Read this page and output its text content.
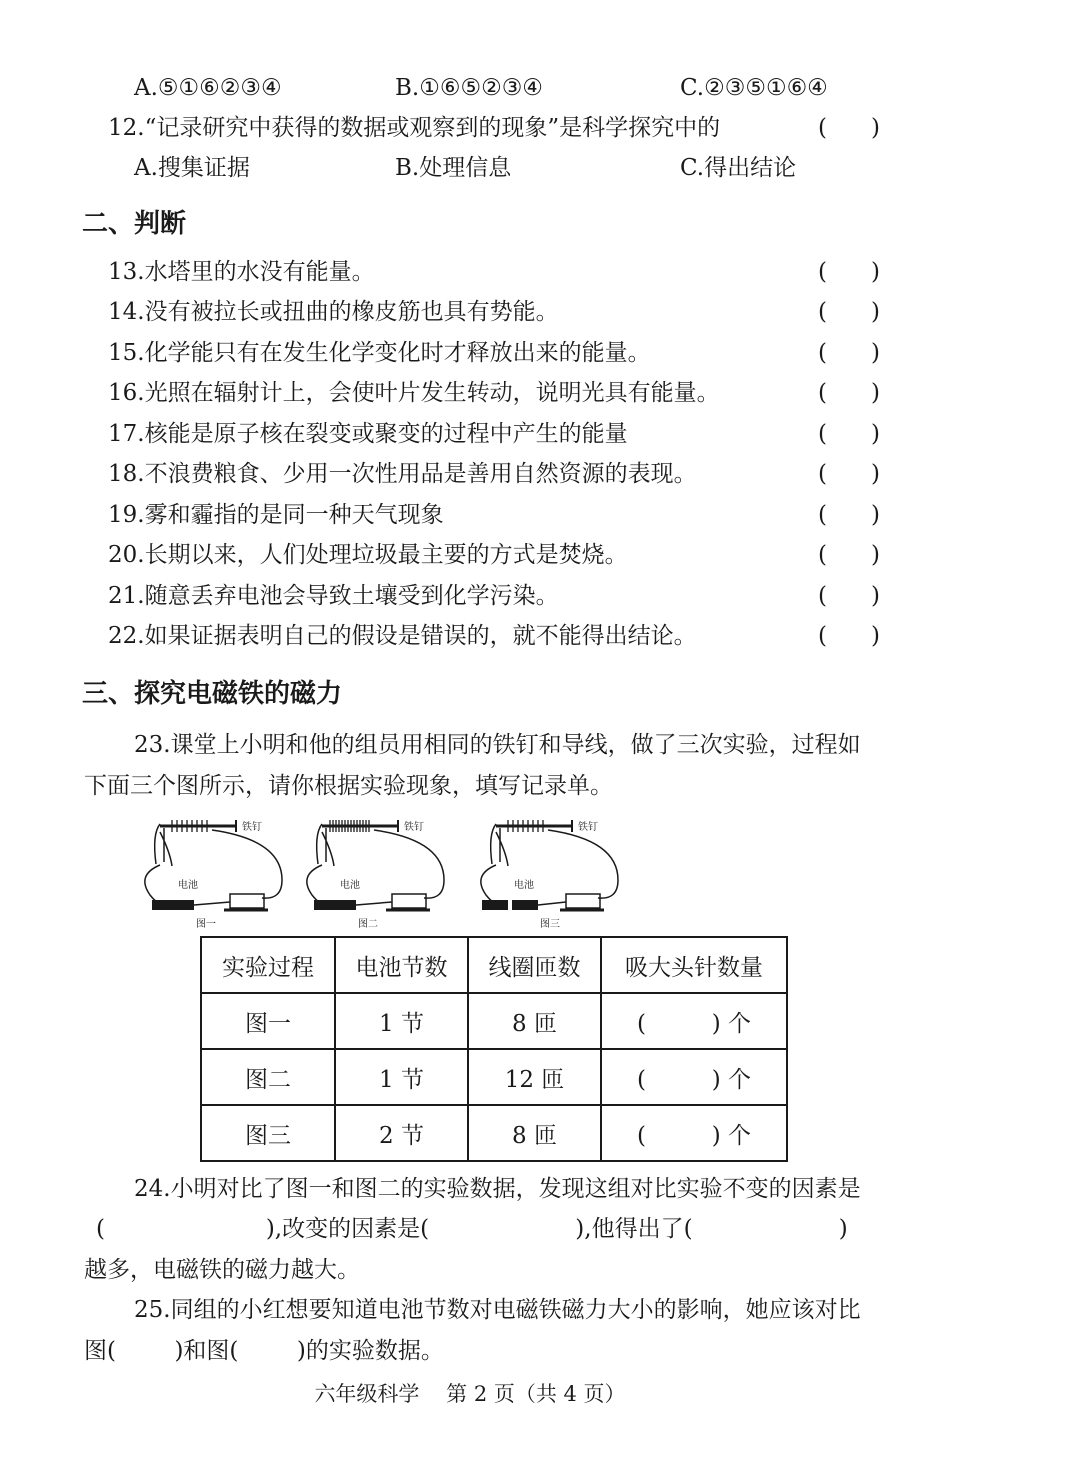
A.⑤①⑥②③④	B.①⑥⑤②③④	C.②③⑤①⑥④
12.“记录研究中获得的数据或观察到的现象”是科学探究中的	( )
A.搜集证据	B.处理信息	C.得出结论
二、判断
13.水塔里的水没有能量。	( )
14.没有被拉长或扭曲的橡皮筋也具有势能。	( )
15.化学能只有在发生化学变化时才释放出来的能量。	( )
16.光照在辐射计上，会使叶片发生转动，说明光具有能量。	( )
17.核能是原子核在裂变或聚变的过程中产生的能量	( )
18.不浪费粮食、少用一次性用品是善用自然资源的表现。	( )
19.雾和霾指的是同一种天气现象	( )
20.长期以来，人们处理垃圾最主要的方式是焚烧。	( )
21.随意丢弃电池会导致土壤受到化学污染。	( )
22.如果证据表明自己的假设是错误的，就不能得出结论。	( )
三、探究电磁铁的磁力
23.课堂上小明和他的组员用相同的铁钉和导线，做了三次实验，过程如
下面三个图所示，请你根据实验现象，填写记录单。
铁钉
电池
图一
铁钉
电池
图二
铁钉
电池
图三
实验过程	电池节数	线圈匝数	吸大头针数量
图一	1 节	8 匝	(         ) 个
图二	1 节	12 匝	(         ) 个
图三	2 节	8 匝	(         ) 个
24.小明对比了图一和图二的实验数据，发现这组对比实验不变的因素是
(                      ),改变的因素是(                    ),他得出了(                    )
越多，电磁铁的磁力越大。
25.同组的小红想要知道电池节数对电磁铁磁力大小的影响，她应该对比
图(        )和图(        )的实验数据。
六年级科学    第 2 页（共 4 页）
